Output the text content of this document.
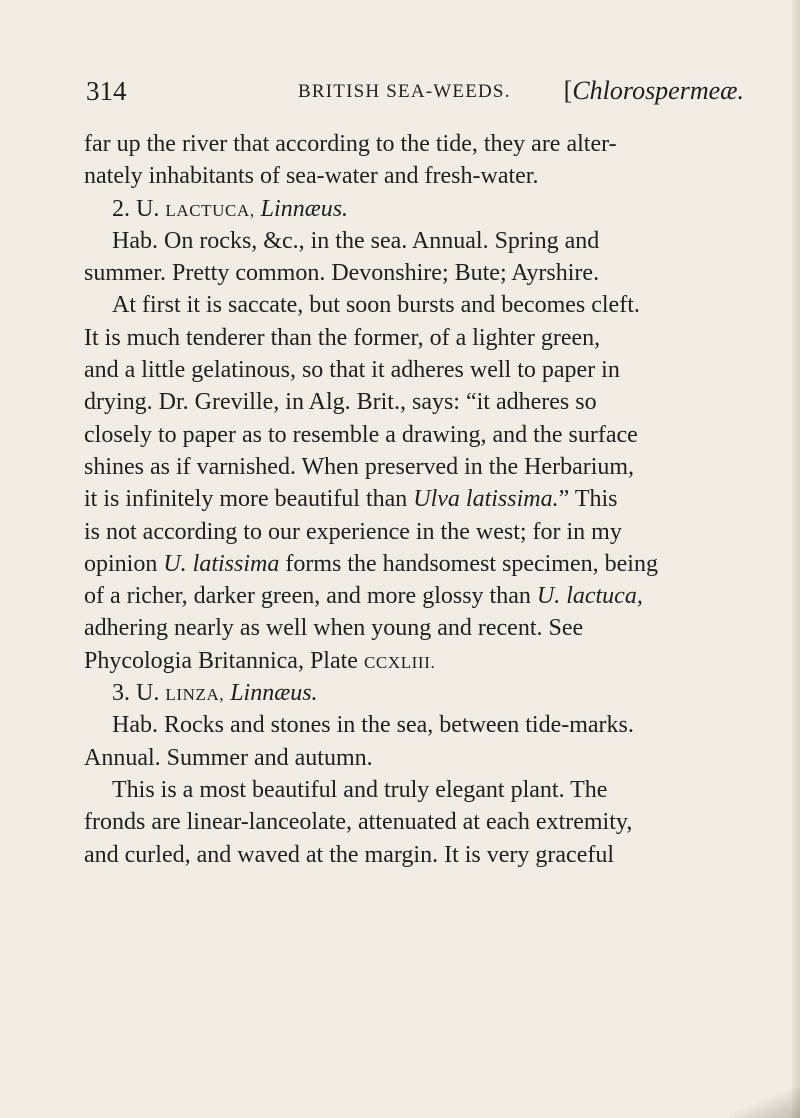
314	BRITISH SEA-WEEDS. [Chlorospermeæ.
far up the river that according to the tide, they are alter-
nately inhabitants of sea-water and fresh-water.
2. U. LACTUCA, Linnæus.
Hab. On rocks, &c., in the sea. Annual. Spring and
summer. Pretty common. Devonshire; Bute; Ayrshire.
At first it is saccate, but soon bursts and becomes cleft.
It is much tenderer than the former, of a lighter green,
and a little gelatinous, so that it adheres well to paper in
drying. Dr. Greville, in Alg. Brit., says: “it adheres so
closely to paper as to resemble a drawing, and the surface
shines as if varnished. When preserved in the Herbarium,
it is infinitely more beautiful than Ulva latissima.” This
is not according to our experience in the west; for in my
opinion U. latissima forms the handsomest specimen, being
of a richer, darker green, and more glossy than U. lactuca,
adhering nearly as well when young and recent. See
Phycologia Britannica, Plate CCXLIII.
3. U. LINZA, Linnæus.
Hab. Rocks and stones in the sea, between tide-marks.
Annual. Summer and autumn.
This is a most beautiful and truly elegant plant. The
fronds are linear-lanceolate, attenuated at each extremity,
and curled, and waved at the margin. It is very graceful
